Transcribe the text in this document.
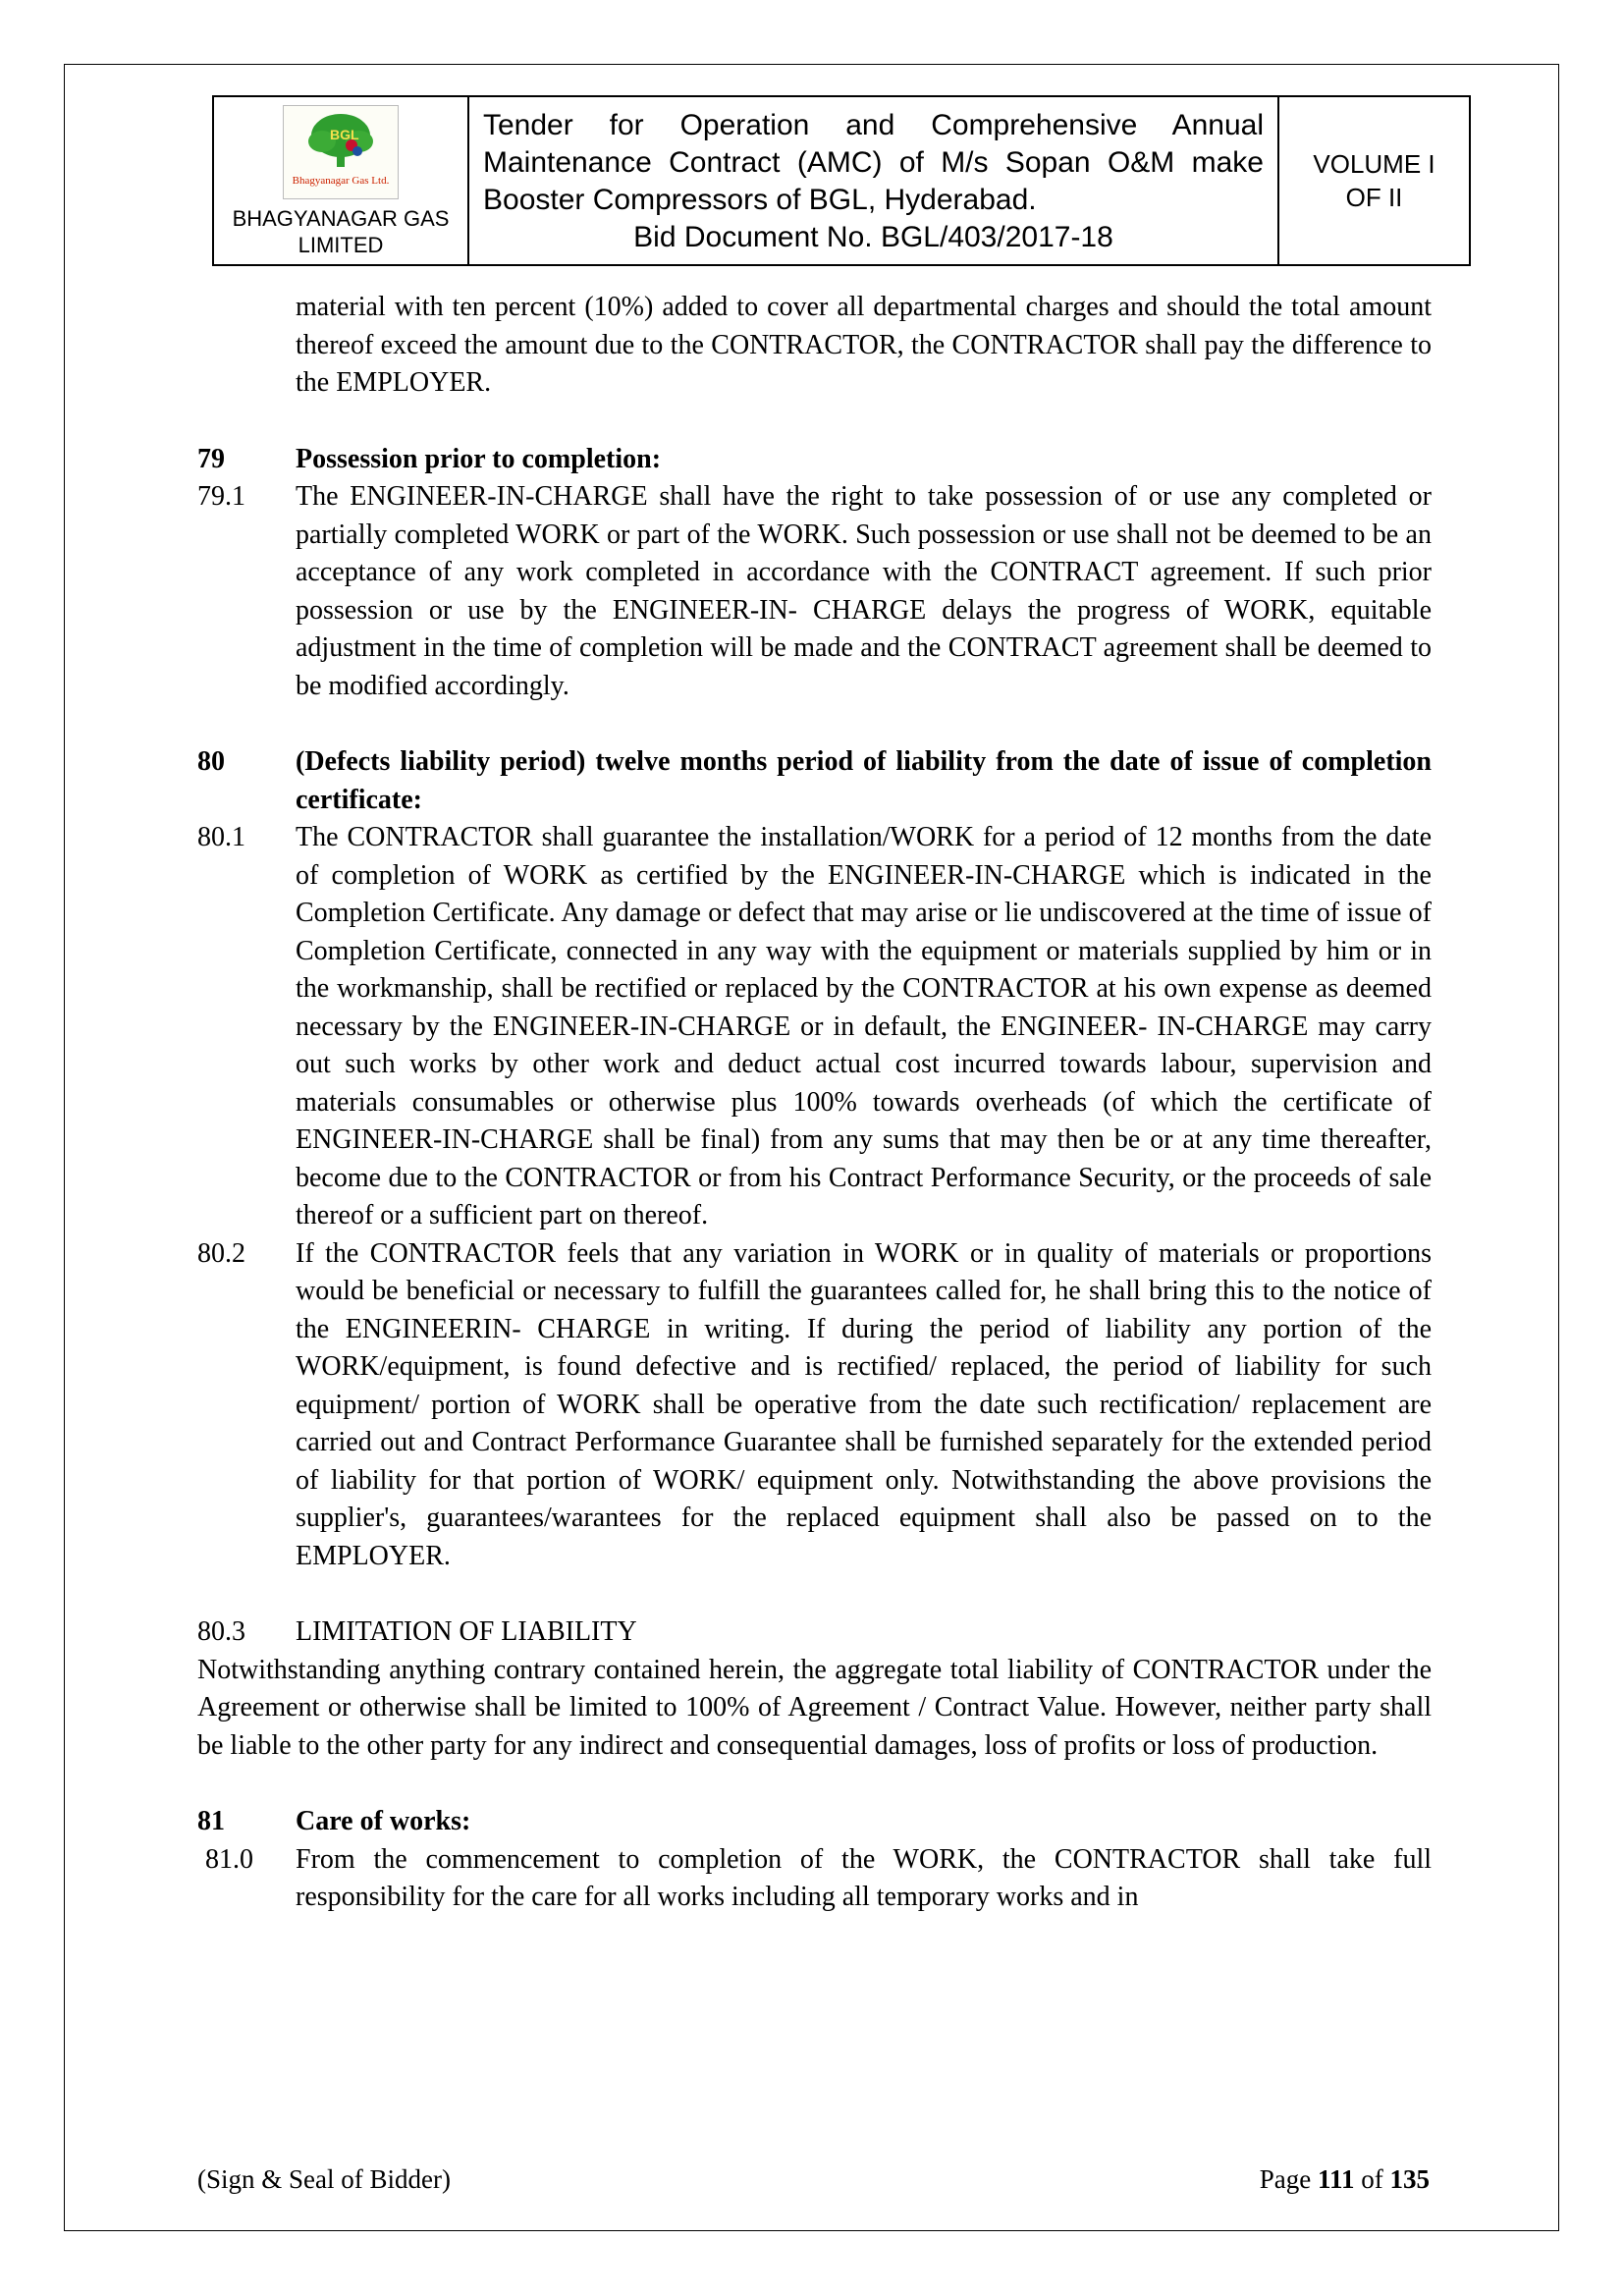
BGL
Bhagyanagar Gas Ltd.
BHAGYANAGAR GAS
LIMITED
Tender for Operation and Comprehensive Annual Maintenance Contract (AMC) of M/s Sopan O&M make Booster Compressors of BGL, Hyderabad.
Bid Document No. BGL/403/2017-18
VOLUME I
OF II
material with ten percent (10%) added to cover all departmental charges and should the total amount thereof exceed the amount due to the CONTRACTOR, the CONTRACTOR shall pay the difference to the EMPLOYER.
79	Possession prior to completion:
79.1	The ENGINEER-IN-CHARGE shall have the right to take possession of or use any completed or partially completed WORK or part of the WORK. Such possession or use shall not be deemed to be an acceptance of any work completed in accordance with the CONTRACT agreement. If such prior possession or use by the ENGINEER-IN- CHARGE delays the progress of WORK, equitable adjustment in the time of completion will be made and the CONTRACT agreement shall be deemed to be modified accordingly.
80	(Defects liability period) twelve months period of liability from the date of issue of completion certificate:
80.1	The CONTRACTOR shall guarantee the installation/WORK for a period of 12 months from the date of completion of WORK as certified by the ENGINEER-IN-CHARGE which is indicated in the Completion Certificate. Any damage or defect that may arise or lie undiscovered at the time of issue of Completion Certificate, connected in any way with the equipment or materials supplied by him or in the workmanship, shall be rectified or replaced by the CONTRACTOR at his own expense as deemed necessary by the ENGINEER-IN-CHARGE or in default, the ENGINEER- IN-CHARGE may carry out such works by other work and deduct actual cost incurred towards labour, supervision and materials consumables or otherwise plus 100% towards overheads (of which the certificate of ENGINEER-IN-CHARGE shall be final) from any sums that may then be or at any time thereafter, become due to the CONTRACTOR or from his Contract Performance Security, or the proceeds of sale thereof or a sufficient part on thereof.
80.2	If the CONTRACTOR feels that any variation in WORK or in quality of materials or proportions would be beneficial or necessary to fulfill the guarantees called for, he shall bring this to the notice of the ENGINEERIN- CHARGE in writing. If during the period of liability any portion of the WORK/equipment, is found defective and is rectified/ replaced, the period of liability for such equipment/ portion of WORK shall be operative from the date such rectification/ replacement are carried out and Contract Performance Guarantee shall be furnished separately for the extended period of liability for that portion of WORK/ equipment only. Notwithstanding the above provisions the supplier's, guarantees/warantees for the replaced equipment shall also be passed on to the EMPLOYER.
80.3	LIMITATION OF LIABILITY
Notwithstanding anything contrary contained herein, the aggregate total liability of CONTRACTOR under the Agreement or otherwise shall be limited to 100% of Agreement / Contract Value. However, neither party shall be liable to the other party for any indirect and consequential damages, loss of profits or loss of production.
81	Care of works:
81.0	From the commencement to completion of the WORK, the CONTRACTOR shall take full responsibility for the care for all works including all temporary works and in
(Sign & Seal of Bidder)	Page 111 of 135
